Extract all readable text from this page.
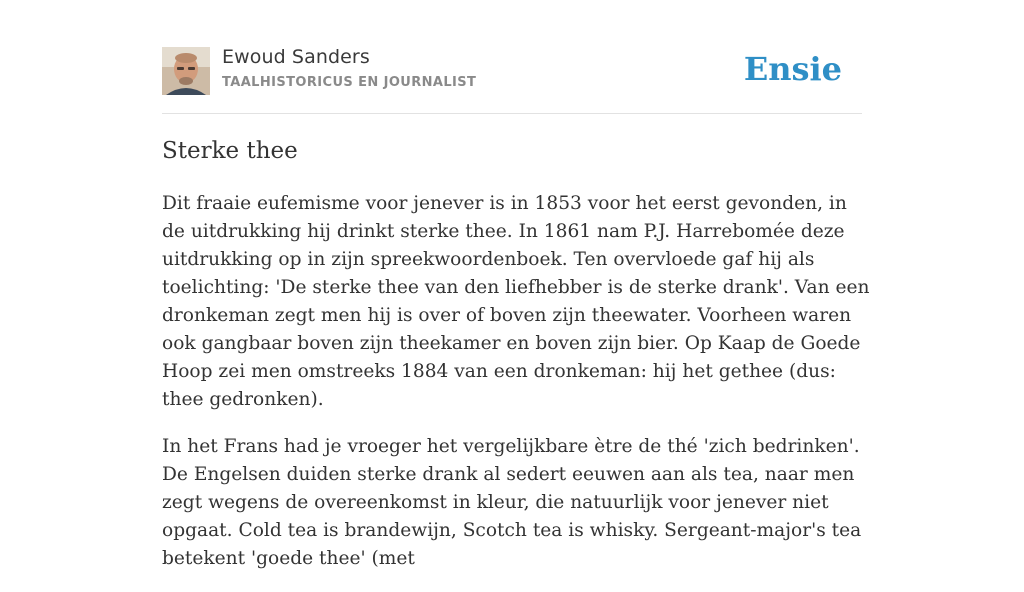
Ewoud Sanders
TAALHISTORICUS EN JOURNALIST	Ensie
Sterke thee

Dit fraaie eufemisme voor jenever is in 1853 voor het eerst gevonden, in de uitdrukking hij drinkt sterke thee. In 1861 nam P.J. Harrebomée deze uitdrukking op in zijn spreekwoordenboek. Ten overvloede gaf hij als toelichting: 'De sterke thee van den liefhebber is de sterke drank'. Van een dronkeman zegt men hij is over of boven zijn theewater. Voorheen waren ook gangbaar boven zijn theekamer en boven zijn bier. Op Kaap de Goede Hoop zei men omstreeks 1884 van een dronkeman: hij het gethee (dus: thee gedronken).

In het Frans had je vroeger het vergelijkbare ètre de thé 'zich bedrinken'. De Engelsen duiden sterke drank al sedert eeuwen aan als tea, naar men zegt wegens de overeenkomst in kleur, die natuurlijk voor jenever niet opgaat. Cold tea is brandewijn, Scotch tea is whisky. Sergeant-major's tea betekent 'goede thee' (met
